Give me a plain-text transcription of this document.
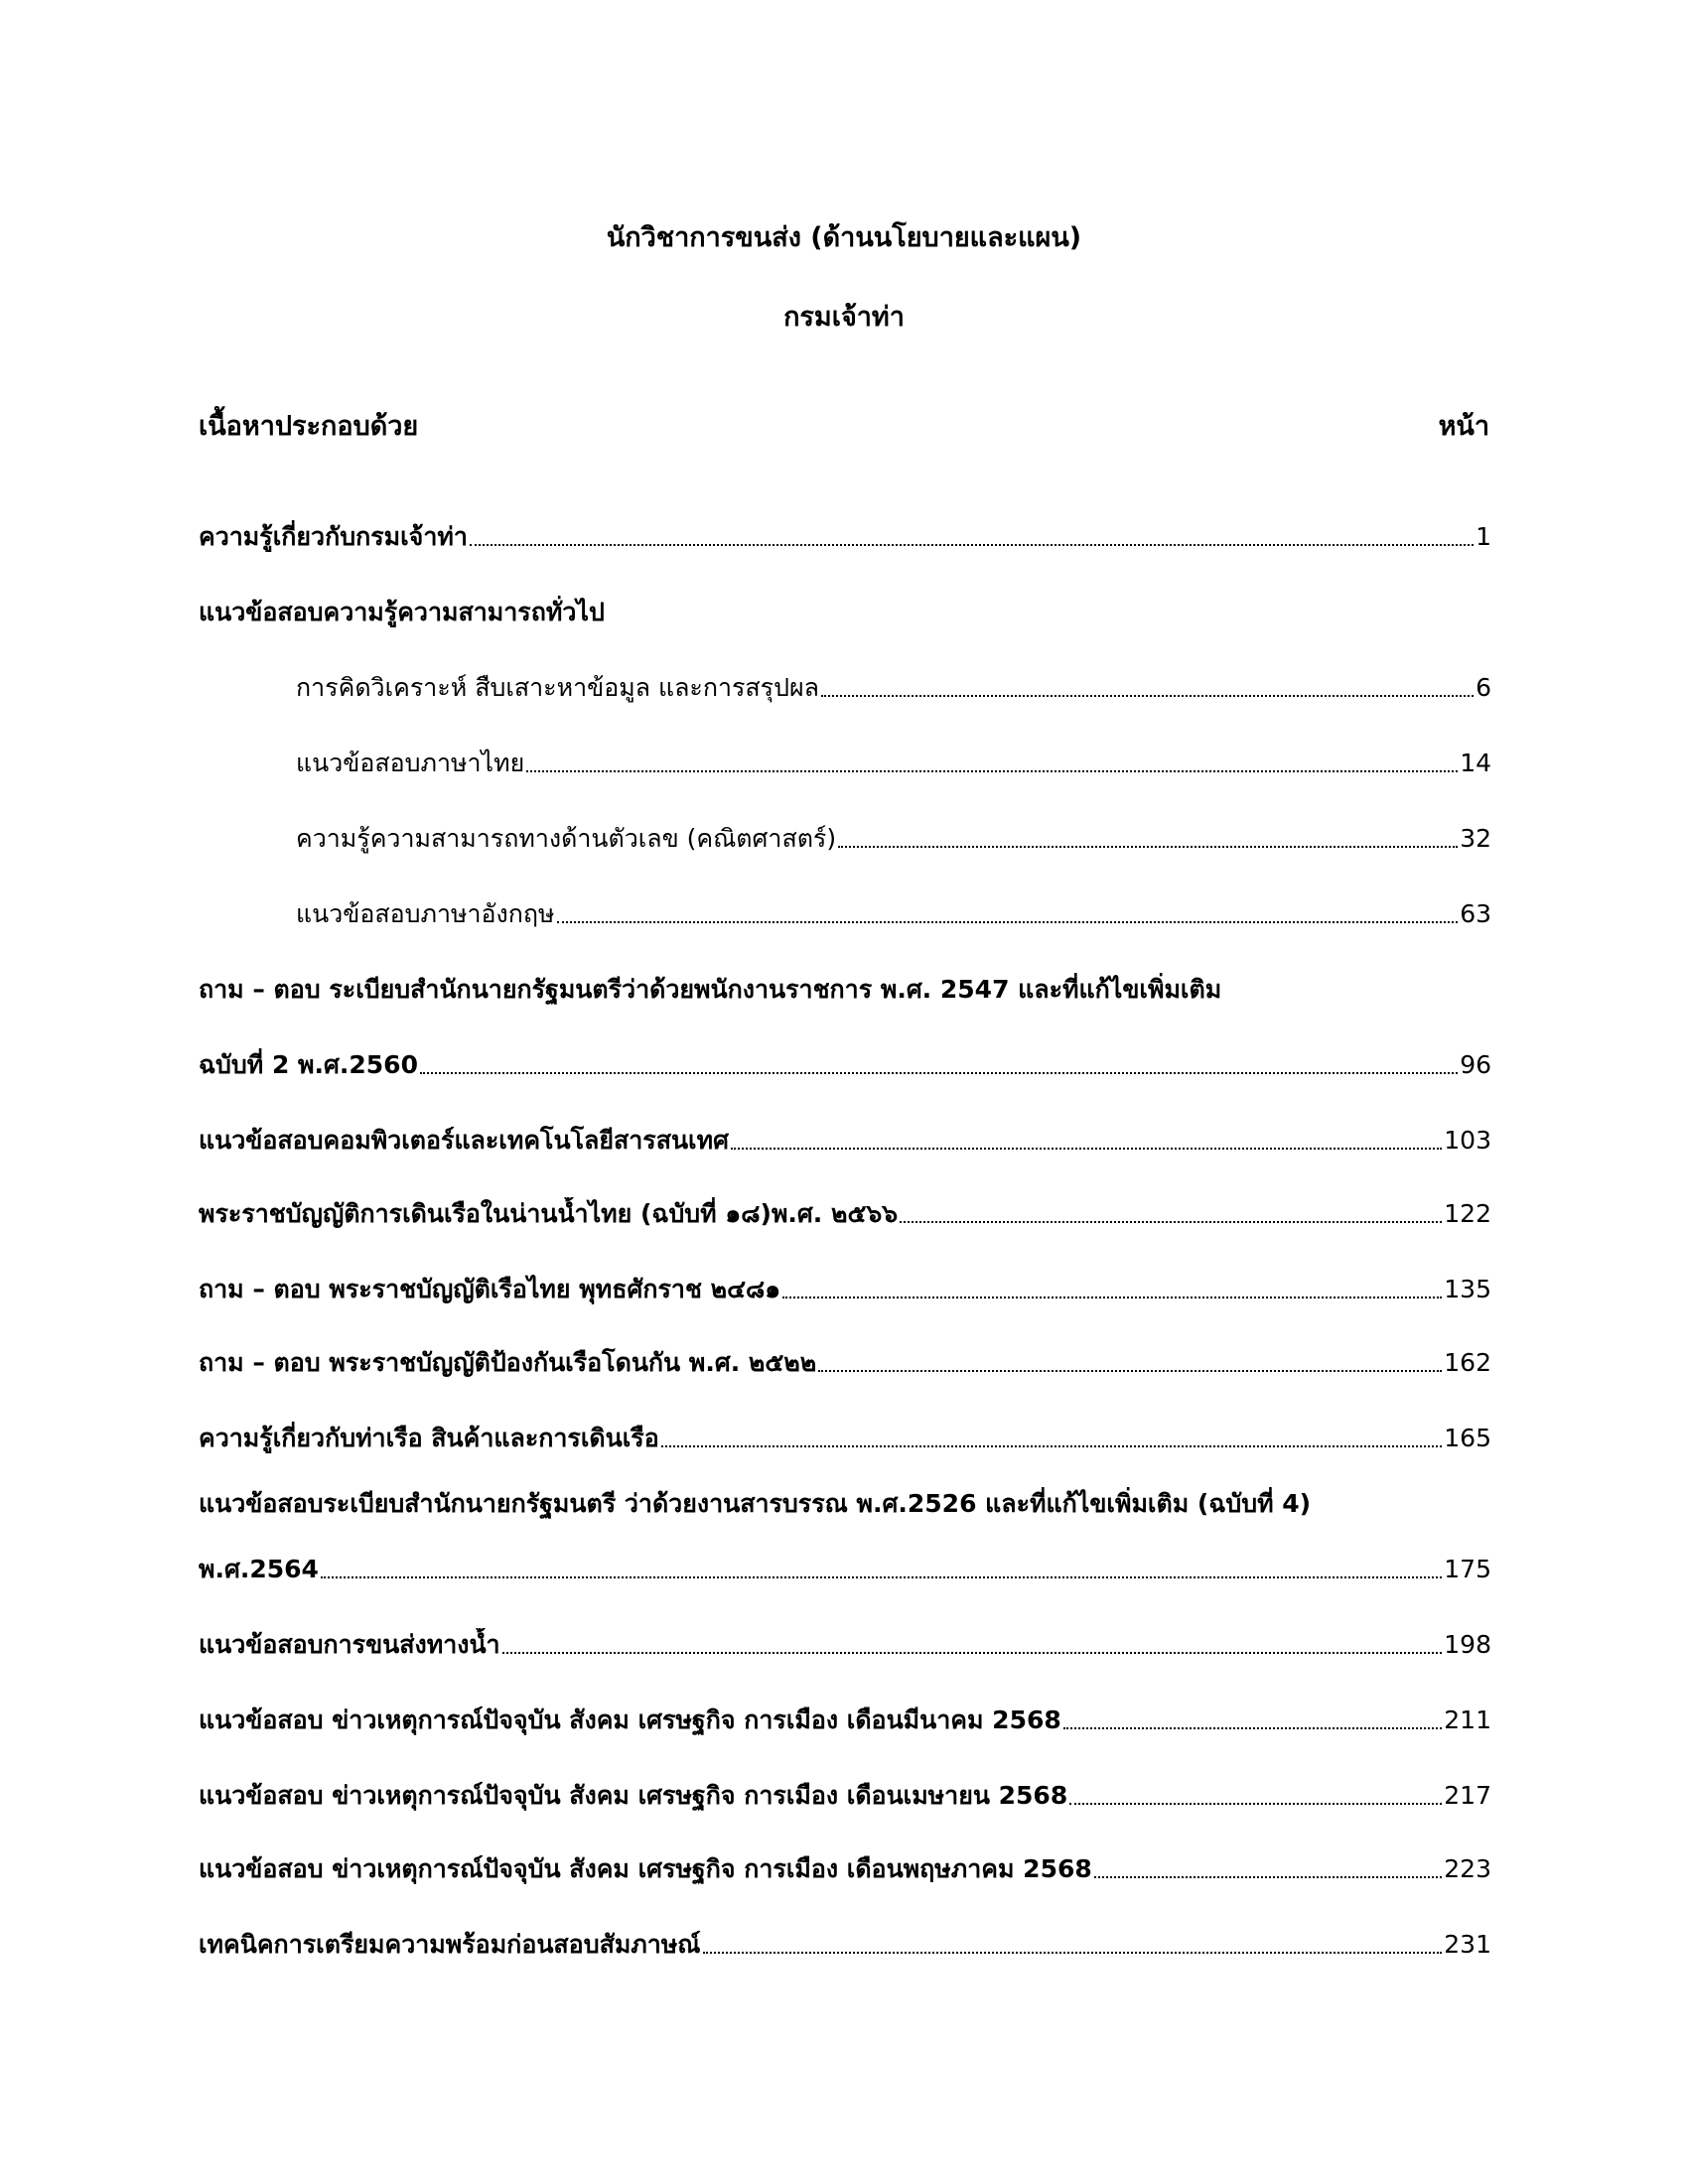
นักวิชาการขนส่ง (ด้านนโยบายและแผน)
กรมเจ้าท่า
เนื้อหาประกอบด้วย	หน้า
ความรู้เกี่ยวกับกรมเจ้าท่า	1
แนวข้อสอบความรู้ความสามารถทั่วไป
การคิดวิเคราะห์ สืบเสาะหาข้อมูล และการสรุปผล	6
แนวข้อสอบภาษาไทย	14
ความรู้ความสามารถทางด้านตัวเลข (คณิตศาสตร์)	32
แนวข้อสอบภาษาอังกฤษ	63
ถาม – ตอบ ระเบียบสำนักนายกรัฐมนตรีว่าด้วยพนักงานราชการ พ.ศ. 2547 และที่แก้ไขเพิ่มเติม
ฉบับที่ 2 พ.ศ.2560	96
แนวข้อสอบคอมพิวเตอร์และเทคโนโลยีสารสนเทศ	103
พระราชบัญญัติการเดินเรือในน่านน้ำไทย (ฉบับที่ ๑๘)พ.ศ. ๒๕๖๖	122
ถาม – ตอบ พระราชบัญญัติเรือไทย พุทธศักราช ๒๔๘๑	135
ถาม – ตอบ พระราชบัญญัติป้องกันเรือโดนกัน พ.ศ. ๒๕๒๒	162
ความรู้เกี่ยวกับท่าเรือ สินค้าและการเดินเรือ	165
แนวข้อสอบระเบียบสำนักนายกรัฐมนตรี ว่าด้วยงานสารบรรณ พ.ศ.2526 และที่แก้ไขเพิ่มเติม (ฉบับที่ 4)
พ.ศ.2564	175
แนวข้อสอบการขนส่งทางน้ำ	198
แนวข้อสอบ ข่าวเหตุการณ์ปัจจุบัน สังคม เศรษฐกิจ การเมือง เดือนมีนาคม 2568	211
แนวข้อสอบ ข่าวเหตุการณ์ปัจจุบัน สังคม เศรษฐกิจ การเมือง เดือนเมษายน 2568	217
แนวข้อสอบ ข่าวเหตุการณ์ปัจจุบัน สังคม เศรษฐกิจ การเมือง เดือนพฤษภาคม 2568	223
เทคนิคการเตรียมความพร้อมก่อนสอบสัมภาษณ์	231
